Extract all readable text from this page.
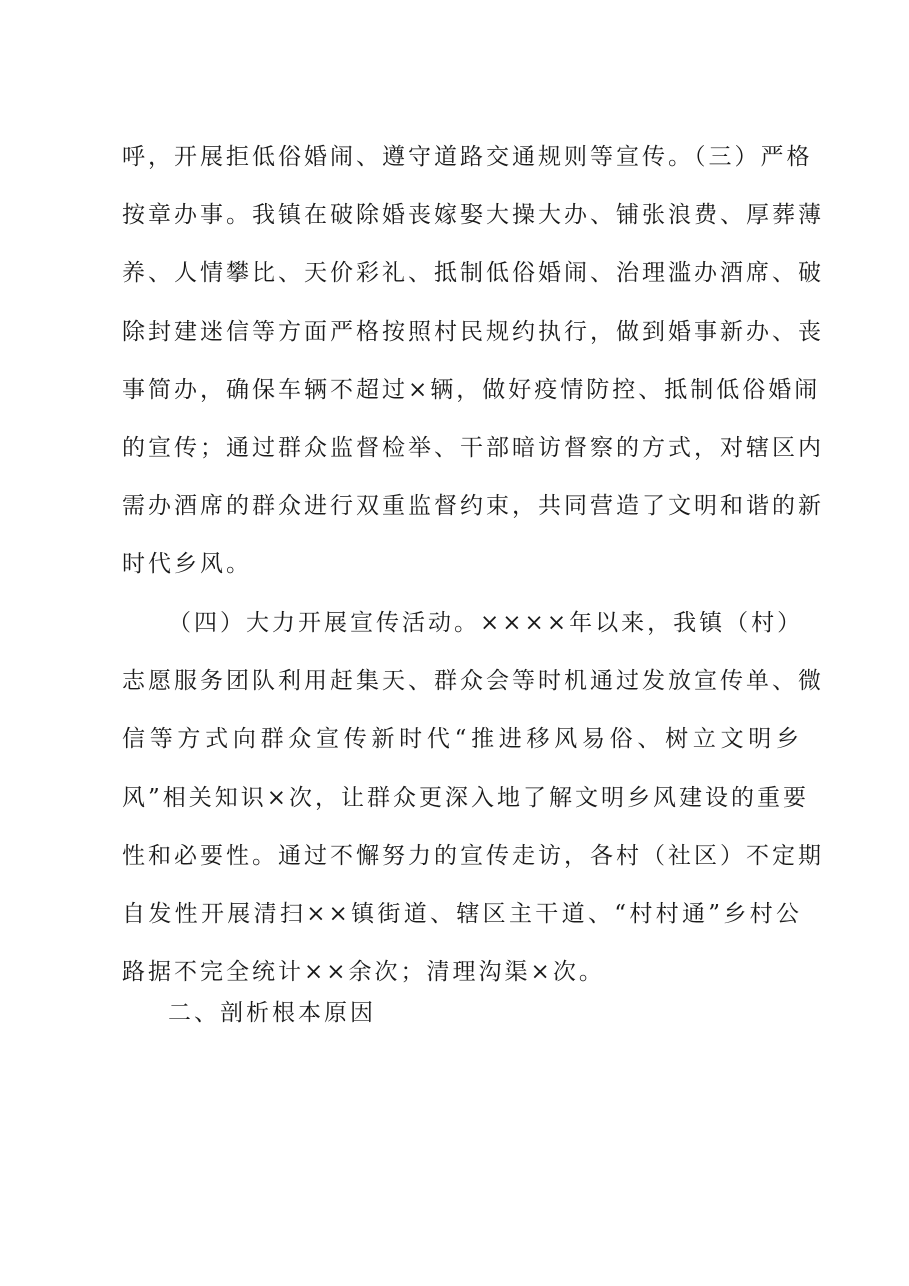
呼，开展拒低俗婚闹、遵守道路交通规则等宣传。（三）严格
按章办事。我镇在破除婚丧嫁娶大操大办、铺张浪费、厚葬薄
养、人情攀比、天价彩礼、抵制低俗婚闹、治理滥办酒席、破
除封建迷信等方面严格按照村民规约执行，做到婚事新办、丧
事简办，确保车辆不超过×辆，做好疫情防控、抵制低俗婚闹
的宣传；通过群众监督检举、干部暗访督察的方式，对辖区内
需办酒席的群众进行双重监督约束，共同营造了文明和谐的新
时代乡风。
（四）大力开展宣传活动。××××年以来，我镇（村）
志愿服务团队利用赶集天、群众会等时机通过发放宣传单、微
信等方式向群众宣传新时代“推进移风易俗、树立文明乡
风”相关知识×次，让群众更深入地了解文明乡风建设的重要
性和必要性。通过不懈努力的宣传走访，各村（社区）不定期
自发性开展清扫××镇街道、辖区主干道、“村村通”乡村公
路据不完全统计××余次；清理沟渠×次。
二、剖析根本原因
